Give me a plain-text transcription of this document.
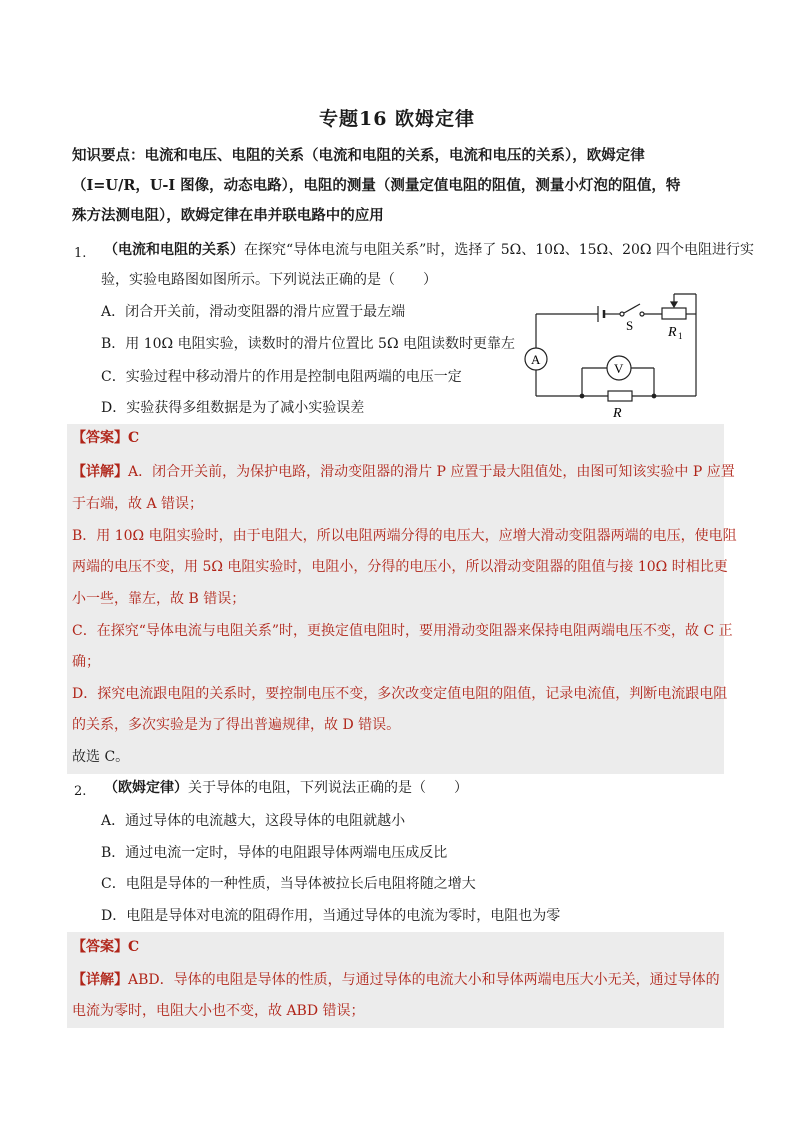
专题16 欧姆定律
知识要点：电流和电压、电阻的关系（电流和电阻的关系，电流和电压的关系），欧姆定律
（I=U/R，U-I 图像，动态电路），电阻的测量（测量定值电阻的阻值，测量小灯泡的阻值，特
殊方法测电阻），欧姆定律在串并联电路中的应用
1. （电流和电阻的关系）在探究“导体电流与电阻关系”时，选择了 5Ω、10Ω、15Ω、20Ω 四个电阻进行实
验，实验电路图如图所示。下列说法正确的是（　　）
A．闭合开关前，滑动变阻器的滑片应置于最左端
B．用 10Ω 电阻实验，读数时的滑片位置比 5Ω 电阻读数时更靠左
C．实验过程中移动滑片的作用是控制电阻两端的电压一定
D．实验获得多组数据是为了减小实验误差
A
V
S R 1
R
【答案】C
【详解】A．闭合开关前，为保护电路，滑动变阻器的滑片 P 应置于最大阻值处，由图可知该实验中 P 应置
于右端，故 A 错误；
B．用 10Ω 电阻实验时，由于电阻大，所以电阻两端分得的电压大，应增大滑动变阻器两端的电压，使电阻
两端的电压不变，用 5Ω 电阻实验时，电阻小，分得的电压小，所以滑动变阻器的阻值与接 10Ω 时相比更
小一些，靠左，故 B 错误；
C．在探究“导体电流与电阻关系”时，更换定值电阻时，要用滑动变阻器来保持电阻两端电压不变，故 C 正
确；
D．探究电流跟电阻的关系时，要控制电压不变，多次改变定值电阻的阻值，记录电流值，判断电流跟电阻
的关系，多次实验是为了得出普遍规律，故 D 错误。
故选 C。
2. （欧姆定律）关于导体的电阻，下列说法正确的是（　　）
A．通过导体的电流越大，这段导体的电阻就越小
B．通过电流一定时，导体的电阻跟导体两端电压成反比
C．电阻是导体的一种性质，当导体被拉长后电阻将随之增大
D．电阻是导体对电流的阻碍作用，当通过导体的电流为零时，电阻也为零
【答案】C
【详解】ABD．导体的电阻是导体的性质，与通过导体的电流大小和导体两端电压大小无关，通过导体的
电流为零时，电阻大小也不变，故 ABD 错误；
